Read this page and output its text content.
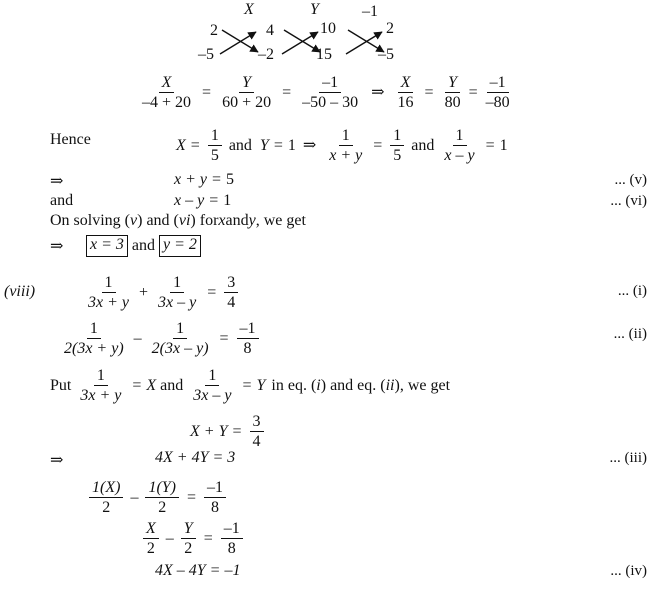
X	Y	–1
2
–5
4
–2
10
15
2
–5
$\frac{X}{-4 + 20} = \frac{Y}{60 + 20} = \frac{-1}{-50 - 30}$ ⇒ $\frac{X}{16} = \frac{Y}{80} = \frac{-1}{-80}$
Hence	$X = \frac{1}{5}$ and Y = 1 ⇒ $\frac{1}{x + y} = \frac{1}{5}$ and $\frac{1}{x - y} = 1$
⇒	x + y = 5	... (v)
and	x – y = 1	... (vi)
On solving ( v ) and ( vi ) for x and y , we get
⇒ x = 3 and y = 2
(viii)	$\frac{1}{3x + y} + \frac{1}{3x - y} = \frac{3}{4}$	... (i)
$\frac{1}{2(3x + y)} - \frac{1}{2(3x - y)} = \frac{-1}{8}$	... (ii)
Put $\frac{1}{3x + y} = X$ and $\frac{1}{3x - y} = Y$ in eq. ( i ) and eq. ( ii ), we get
$X + Y = \frac{3}{4}$
⇒	4X + 4Y = 3	... (iii)
$\frac{1(X)}{2} - \frac{1(Y)}{2} = \frac{-1}{8}$
$\frac{X}{2} - \frac{Y}{2} = \frac{-1}{8}$
4X – 4Y = –1	... (iv)
